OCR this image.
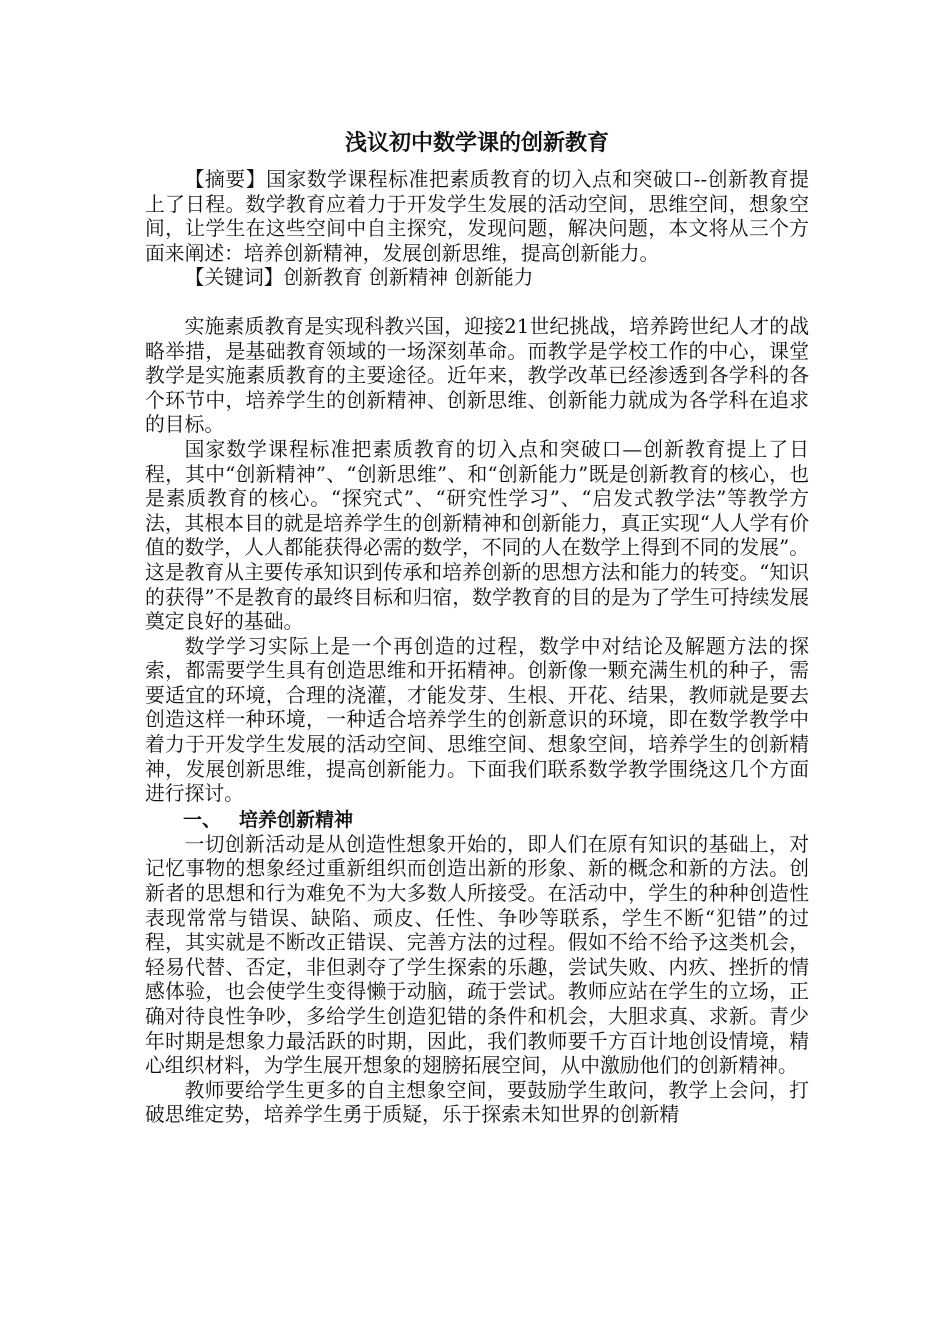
浅议初中数学课的创新教育

【摘要】国家数学课程标准把素质教育的切入点和突破口--创新教育提上了日程。数学教育应着力于开发学生发展的活动空间，思维空间，想象空间，让学生在这些空间中自主探究，发现问题，解决问题，本文将从三个方面来阐述：培养创新精神，发展创新思维，提高创新能力。

【关键词】创新教育 创新精神 创新能力

实施素质教育是实现科教兴国，迎接21世纪挑战，培养跨世纪人才的战略举措，是基础教育领域的一场深刻革命。而教学是学校工作的中心，课堂教学是实施素质教育的主要途径。近年来，教学改革已经渗透到各学科的各个环节中，培养学生的创新精神、创新思维、创新能力就成为各学科在追求的目标。

国家数学课程标准把素质教育的切入点和突破口—创新教育提上了日程，其中“创新精神”、“创新思维”、和“创新能力”既是创新教育的核心，也是素质教育的核心。“探究式”、“研究性学习”、“启发式教学法”等教学方法，其根本目的就是培养学生的创新精神和创新能力，真正实现“人人学有价值的数学，人人都能获得必需的数学，不同的人在数学上得到不同的发展”。这是教育从主要传承知识到传承和培养创新的思想方法和能力的转变。“知识的获得”不是教育的最终目标和归宿，数学教育的目的是为了学生可持续发展奠定良好的基础。

数学学习实际上是一个再创造的过程，数学中对结论及解题方法的探索，都需要学生具有创造思维和开拓精神。创新像一颗充满生机的种子，需要适宜的环境，合理的浇灌，才能发芽、生根、开花、结果，教师就是要去创造这样一种环境，一种适合培养学生的创新意识的环境，即在数学教学中着力于开发学生发展的活动空间、思维空间、想象空间，培养学生的创新精神，发展创新思维，提高创新能力。下面我们联系数学教学围绕这几个方面进行探讨。

一、 培养创新精神

一切创新活动是从创造性想象开始的，即人们在原有知识的基础上，对记忆事物的想象经过重新组织而创造出新的形象、新的概念和新的方法。创新者的思想和行为难免不为大多数人所接受。在活动中，学生的种种创造性表现常常与错误、缺陷、顽皮、任性、争吵等联系，学生不断“犯错”的过程，其实就是不断改正错误、完善方法的过程。假如不给不给予这类机会，轻易代替、否定，非但剥夺了学生探索的乐趣，尝试失败、内疚、挫折的情感体验，也会使学生变得懒于动脑，疏于尝试。教师应站在学生的立场，正确对待良性争吵，多给学生创造犯错的条件和机会，大胆求真、求新。青少年时期是想象力最活跃的时期，因此，我们教师要千方百计地创设情境，精心组织材料，为学生展开想象的翅膀拓展空间，从中激励他们的创新精神。

教师要给学生更多的自主想象空间，要鼓励学生敢问，教学上会问，打破思维定势，培养学生勇于质疑，乐于探索未知世界的创新精
